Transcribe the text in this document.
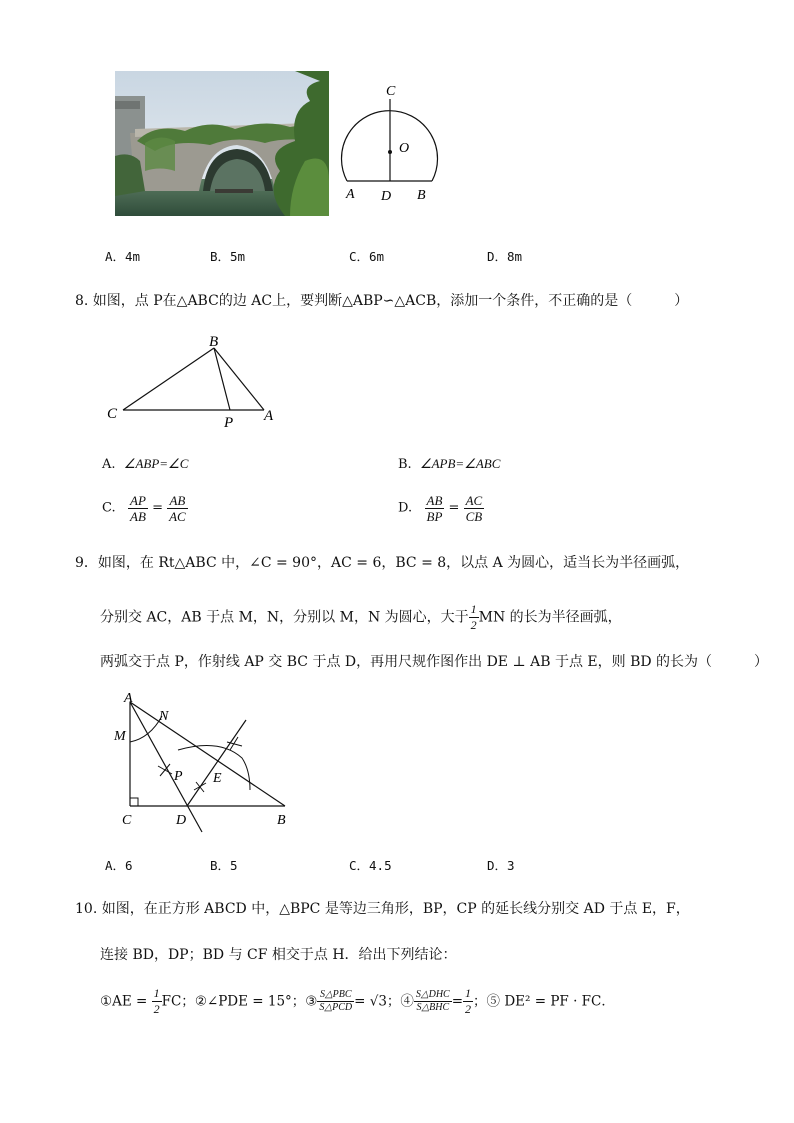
C
O
A D B
A．4m	B．5m	C．6m	D．8m
8. 如图，点 P在△ABC的边 AC上，要判断△ABP∽△ACB，添加一个条件，不正确的是（　　　）
B
C
P A
A. ∠ABP=∠C	B. ∠APB=∠ABC
C. $\frac{AP}{AB} = \frac{AB}{AC}$	D. $\frac{AB}{BP} = \frac{AC}{CB}$
9．如图，在 Rt△ABC 中，∠C = 90°，AC = 6，BC = 8，以点 A 为圆心，适当长为半径画弧，
分别交 AC，AB 于点 M，N，分别以 M，N 为圆心，大于 $\frac{1}{2}$ MN 的长为半径画弧，
两弧交于点 P，作射线 AP 交 BC 于点 D，再用尺规作图作出 DE ⊥ AB 于点 E，则 BD 的长为（　　　）
A
N
M
P E
C	D	B
A．6	B．5	C．4.5	D．3
10. 如图，在正方形 ABCD 中，△BPC 是等边三角形，BP，CP 的延长线分别交 AD 于点 E，F，
连接 BD，DP；BD 与 CF 相交于点 H．给出下列结论：
①AE = $\frac{1}{2}$ FC；②∠PDE = 15°；③ $\frac{\text{S△PBC}}{\text{S△PCD}} = √3$；④ $\frac{\text{S△DHC}}{\text{S△BHC}} = \frac{1}{2}$ ；⑤ DE² = PF · FC．
